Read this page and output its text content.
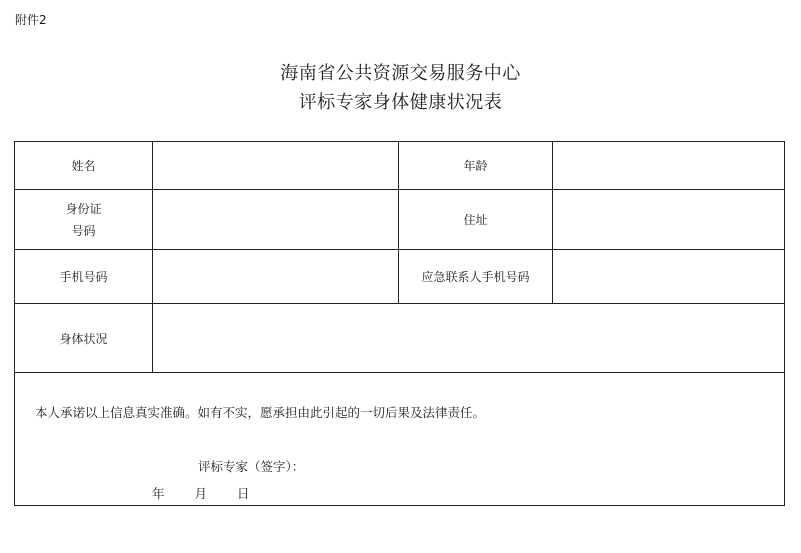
附件2
海南省公共资源交易服务中心
评标专家身体健康状况表
姓名		年龄	

身份证
号码		住址	
手机号码		应急联系人手机号码	
身体状况			

本人承诺以上信息真实准确。如有不实，愿承担由此引起的一切后果及法律责任。
评标专家（签字）：
年 月 日			
